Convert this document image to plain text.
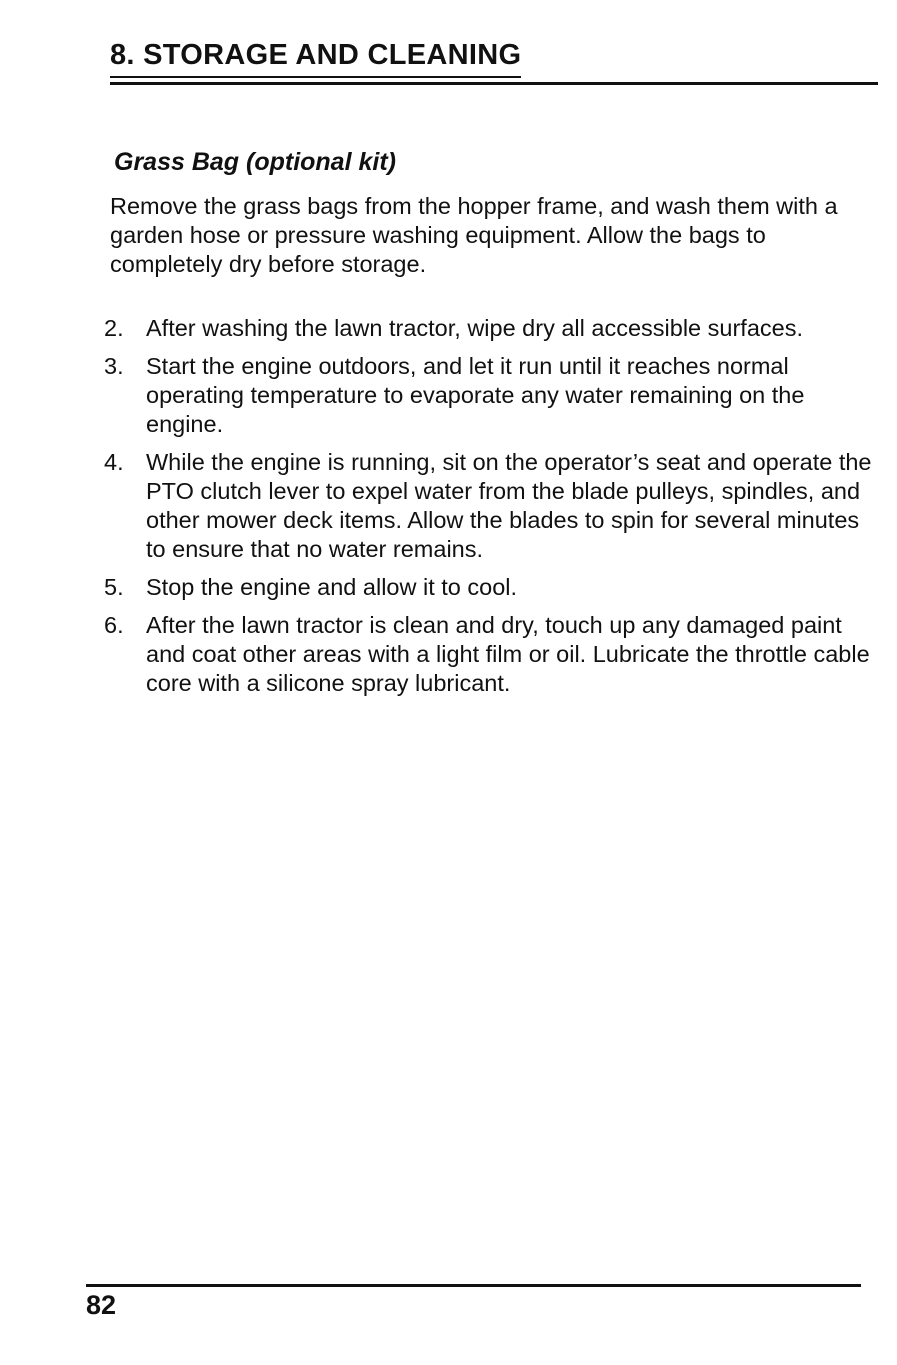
8. STORAGE AND CLEANING
Grass Bag (optional kit)

Remove the grass bags from the hopper frame, and wash them with a garden hose or pressure washing equipment. Allow the bags to completely dry before storage.

2. After washing the lawn tractor, wipe dry all accessible surfaces.
3. Start the engine outdoors, and let it run until it reaches normal operating temperature to evaporate any water remaining on the engine.
4. While the engine is running, sit on the operator’s seat and operate the PTO clutch lever to expel water from the blade pulleys, spindles, and other mower deck items. Allow the blades to spin for several minutes to ensure that no water remains.
5. Stop the engine and allow it to cool.
6. After the lawn tractor is clean and dry, touch up any damaged paint and coat other areas with a light film or oil. Lubricate the throttle cable core with a silicone spray lubricant.

82
